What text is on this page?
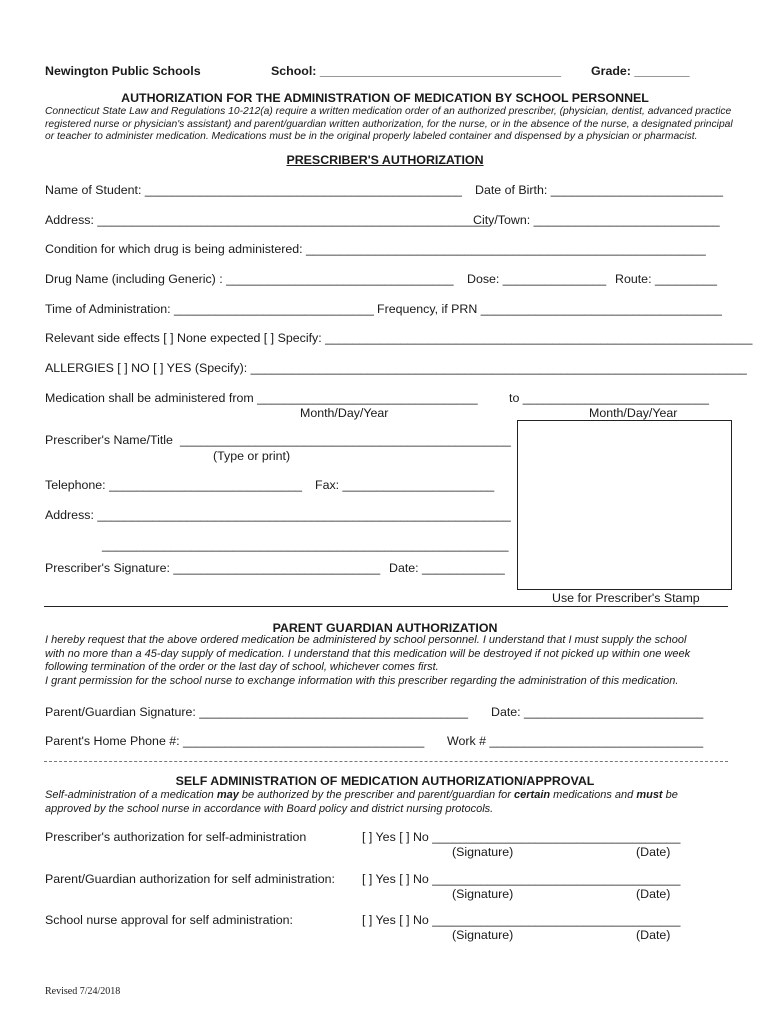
Newington Public Schools	School: ___________________________________ Grade: ________
AUTHORIZATION FOR THE ADMINISTRATION OF MEDICATION BY SCHOOL PERSONNEL
Connecticut State Law and Regulations 10-212(a) require a written medication order of an authorized prescriber, (physician, dentist, advanced practice
registered nurse or physician's assistant) and parent/guardian written authorization, for the nurse, or in the absence of the nurse, a designated principal
or teacher to administer medication. Medications must be in the original properly labeled container and dispensed by a physician or pharmacist.
PRESCRIBER'S AUTHORIZATION
Name of Student: ______________________________________________ Date of Birth: _________________________
Address: _________________________________________________________
City/Town: ___________________________
Condition for which drug is being administered: __________________________________________________________
Drug Name (including Generic) : _________________________________ Dose: _______________ Route: _________
Time of Administration: _____________________________ Frequency, if PRN ___________________________________
Relevant side effects [ ] None expected [ ] Specify: ______________________________________________________________
ALLERGIES [ ] NO [ ] YES (Specify): ________________________________________________________________________
Medication shall be administered from ________________________________	to ___________________________
Month/Day/Year	Month/Day/Year
Prescriber's Name/Title ________________________________________________
(Type or print)
Telephone: ____________________________ Fax: ______________________
Address: ____________________________________________________________
___________________________________________________________
Prescriber's Signature: ______________________________ Date: ____________
Use for Prescriber's Stamp
PARENT GUARDIAN AUTHORIZATION
I hereby request that the above ordered medication be administered by school personnel. I understand that I must supply the school
with no more than a 45-day supply of medication. I understand that this medication will be destroyed if not picked up within one week
following termination of the order or the last day of school, whichever comes first.
I grant permission for the school nurse to exchange information with this prescriber regarding the administration of this medication.
Parent/Guardian Signature: _______________________________________ Date: __________________________
Parent's Home Phone #: ___________________________________ Work # _______________________________
SELF ADMINISTRATION OF MEDICATION AUTHORIZATION/APPROVAL
Self-administration of a medication may be authorized by the prescriber and parent/guardian for certain medications and must be
approved by the school nurse in accordance with Board policy and district nursing protocols.
Prescriber's authorization for self-administration	[ ] Yes [ ] No ____________________________________
(Signature)	(Date)
Parent/Guardian authorization for self administration: [ ] Yes [ ] No ____________________________________
(Signature)	(Date)
School nurse approval for self administration:	[ ] Yes [ ] No ____________________________________
(Signature)	(Date)
Revised 7/24/2018
